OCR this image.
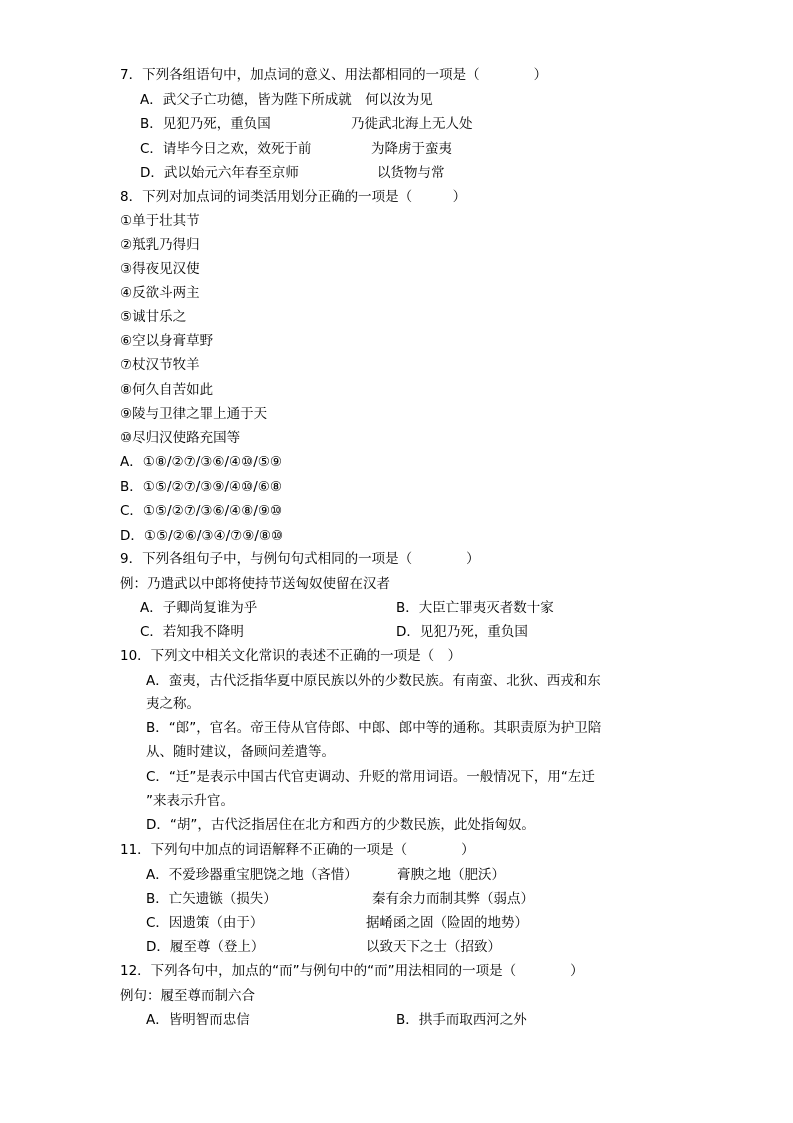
7．下列各组语句中，加点词的意义、用法都相同的一项是（　　　　）
A．武父子亡功德，皆为陛下所成就　何以汝为见
B．见犯乃死，重负国	乃徙武北海上无人处
C．请毕今日之欢，效死于前	为降虏于蛮夷
D．武以始元六年春至京师	以货物与常
8．下列对加点词的词类活用划分正确的一项是（　　　）
①单于壮其节
②羝乳乃得归
③得夜见汉使
④反欲斗两主
⑤诚甘乐之
⑥空以身膏草野
⑦杖汉节牧羊
⑧何久自苦如此
⑨陵与卫律之罪上通于天
⑩尽归汉使路充国等
A．①⑧/②⑦/③⑥/④⑩/⑤⑨
B．①⑤/②⑦/③⑨/④⑩/⑥⑧
C．①⑤/②⑦/③⑥/④⑧/⑨⑩
D．①⑤/②⑥/③④/⑦⑨/⑧⑩
9．下列各组句子中，与例句句式相同的一项是（　　　　）
例：乃遣武以中郎将使持节送匈奴使留在汉者
A．子卿尚复谁为乎	B．大臣亡罪夷灭者数十家
C．若知我不降明	D．见犯乃死，重负国
10．下列文中相关文化常识的表述不正确的一项是（　）
A．蛮夷，古代泛指华夏中原民族以外的少数民族。有南蛮、北狄、西戎和东
夷之称。
B．“郎”，官名。帝王侍从官侍郎、中郎、郎中等的通称。其职责原为护卫陪
从、随时建议，备顾问差遣等。
C．“迁”是表示中国古代官吏调动、升贬的常用词语。一般情况下，用“左迁
”来表示升官。
D．“胡”，古代泛指居住在北方和西方的少数民族，此处指匈奴。
11．下列句中加点的词语解释不正确的一项是（　　　　）
A．不爱珍器重宝肥饶之地（吝惜）	膏腴之地（肥沃）
B．亡矢遗镞（损失）	秦有余力而制其弊（弱点）
C．因遗策（由于）	据崤函之固（险固的地势）
D．履至尊（登上）	以致天下之士（招致）
12．下列各句中，加点的“而”与例句中的“而”用法相同的一项是（　　　　）
例句：履至尊而制六合
A．皆明智而忠信	B．拱手而取西河之外
